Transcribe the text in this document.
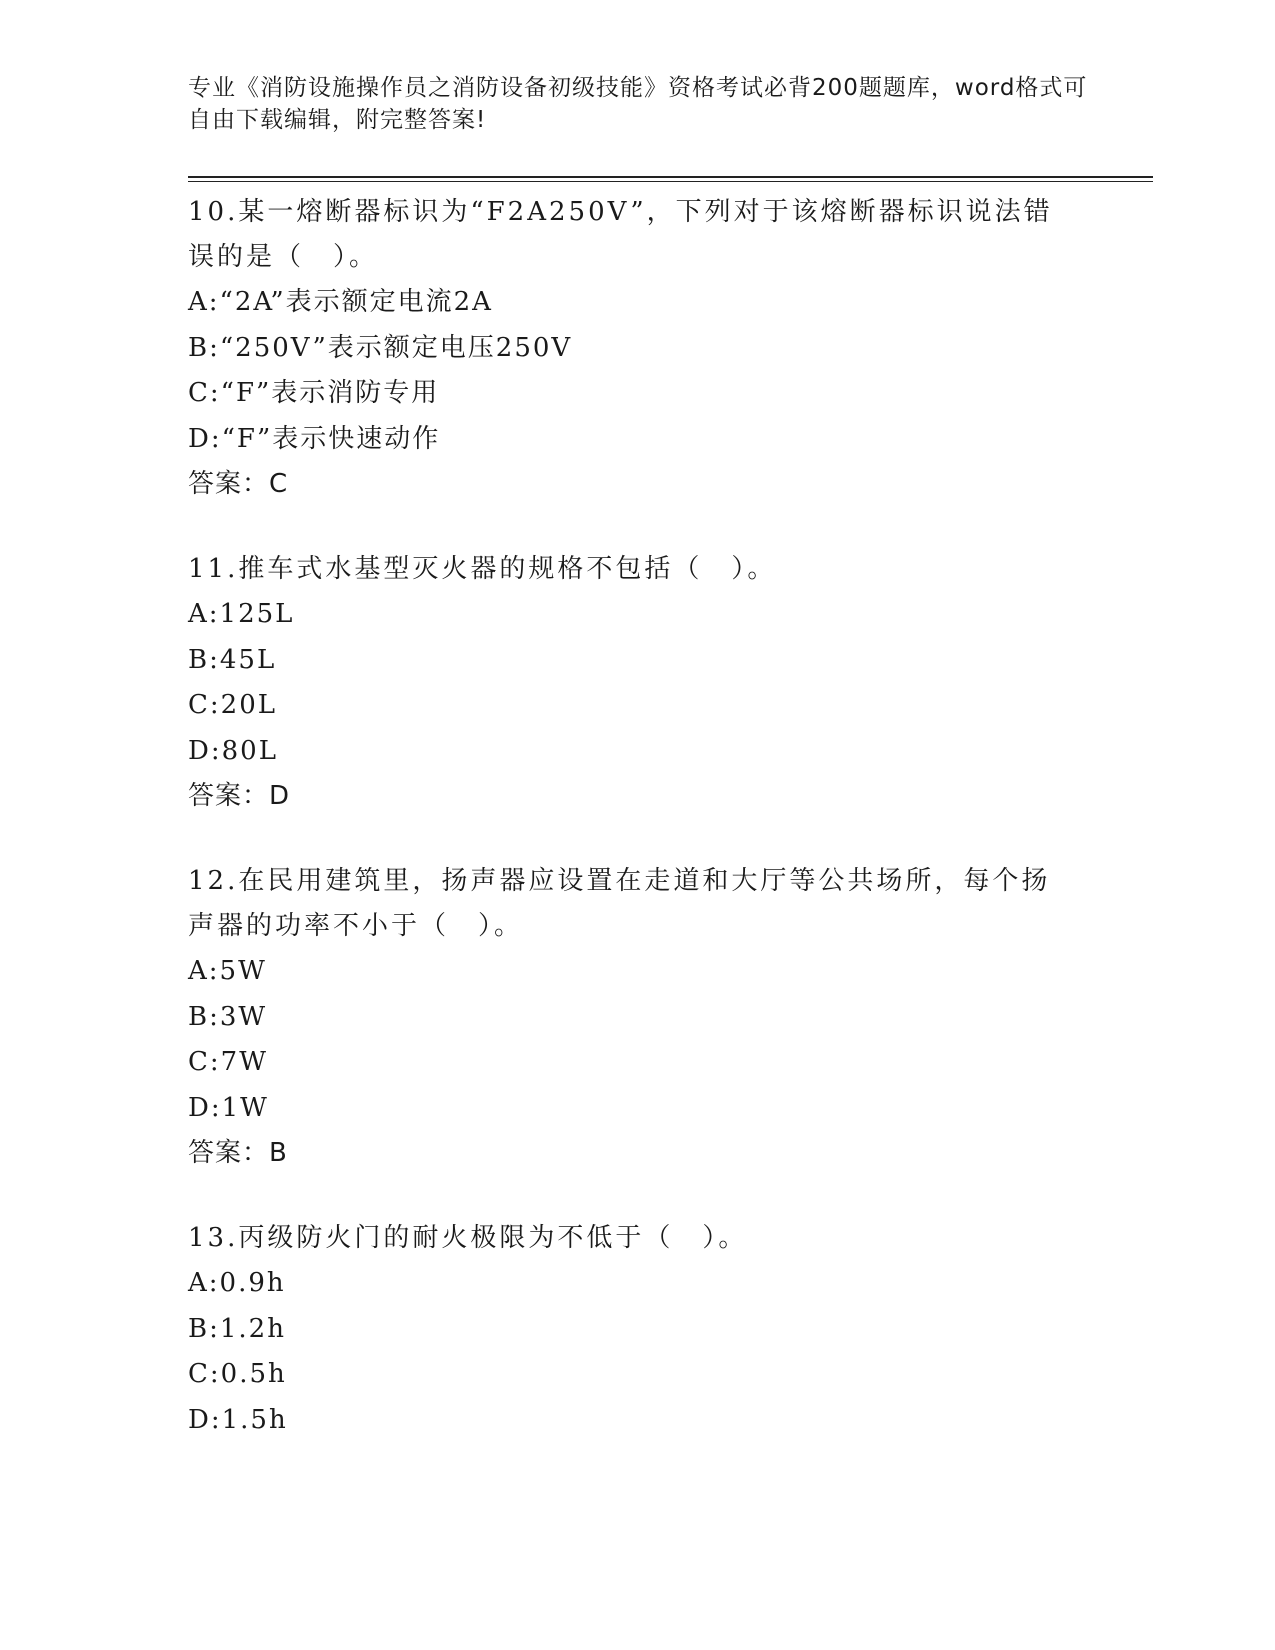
专业《消防设施操作员之消防设备初级技能》资格考试必背200题题库，word格式可自由下载编辑，附完整答案!

10.某一熔断器标识为“F2A250V”，下列对于该熔断器标识说法错误的是（　）。

A:“2A”表示额定电流2A

B:“250V”表示额定电压250V

C:“F”表示消防专用

D:“F”表示快速动作

答案：C

11.推车式水基型灭火器的规格不包括（　）。

A:125L

B:45L

C:20L

D:80L

答案：D

12.在民用建筑里，扬声器应设置在走道和大厅等公共场所，每个扬声器的功率不小于（　）。

A:5W

B:3W

C:7W

D:1W

答案：B

13.丙级防火门的耐火极限为不低于（　）。

A:0.9h

B:1.2h

C:0.5h

D:1.5h
